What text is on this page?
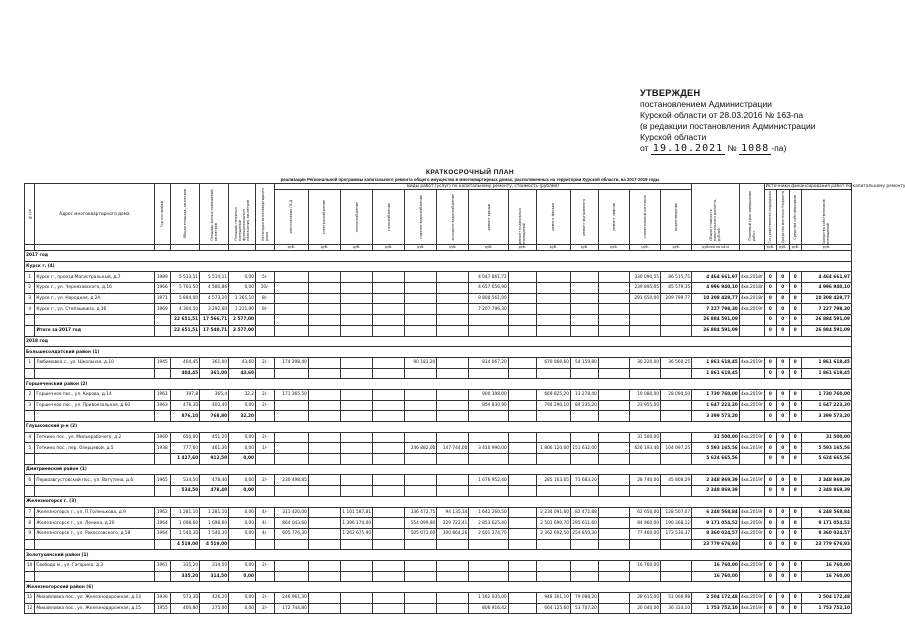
УТВЕРЖДЕН
постановлением Администрации
Курской области от 28.03.2016 № 163-па
(в редакции постановления Администрации
Курской области
от 19.10.2021 № 1088 -па)
КРАТКОСРОЧНЫЙ ПЛАН
реализации Региональной программы капитального ремонта общего имущества в многоквартирных домах, расположенных на территории Курской области, на 2017-2019 годы
№ п/п	Адрес многоквартирного дома	Год постройки	Общая площадь, кв.метров	Площадь жилых помещений, кв.метров	Площадь нежилых помещений функционального назначения, кв.метров	Категория многоквартирного дома	Виды работ (услуг) по капитальному ремонту, стоимость (рублей)													Общая стоимость капитального ремонта, рублей	Плановый срок завершения работ	Источники финансирования работ по капитальному ремонту			

							изготовление ПСД	электроснабжение	теплоснабжение	газоснабжение	горячее водоснабжение	холодное водоснабжение	ремонт крыши	ремонт подвальных помещений	ремонт фасада	ремонт фундамента	ремонт лифтов	строительный контроль	водоотведение			Государственная поддержка	Средства местного бюджета	Средства собственников	Средства собственников помещений

							руб.	руб.	руб.	руб.	руб.	руб.	руб.	руб.	руб.	руб.	руб.	руб.	руб.	рублей на кв.м		руб.	руб.	руб.	руб.
2017 год																									
Курск г. (4)																									
1	Курск г., проезд Магистральный, д.7	1989	5 513,51	5 514,11	0,00	5/-							4 047 861,72					330 090,55	86 515,75	4 464 661,97	4кв.2018г.	0	0	0	4 464 661,97
2	Курск г., ул. Черняховского, д.16	1966	5 703,50	4 580,86	0,00	10/-							4 657 656,90					239 895,05	85 579,35	4 996 940,10	4кв.2018г.	0	0	0	4 996 940,10
3	Курск г., ул. Народная, д.2А	1971	5 894,00	4 573,20	1 365,10	8/-							9 800 561,00					291 650,00	209 799,77	10 308 428,77	4кв.2018г.	0	0	0	10 308 428,77
4	Курск г., ул. Степашкина, д.16	1969	4 304,50	3 292,60	1 211,90	9/-							7 207 796,30							7 227 798,30	4кв.2019г.	0	0	0	7 227 798,30
			22 651,51	17 566,71	2 577,00															26 884 591,09		0	0	0	26 884 591,09
	Итого за 2017 год		22 651,51	17 540,71	2 577,00															26 884 591,09		0	0	0	26 884 591,09
2018 год																									
Большесолдатский район (1)																									
1	Любимовка с., ул. Школьная, д.10	1945	404,45	361,00	43,60	2/-	174 298,40				90 181,20		814 067,20		670 066,60	54 159,80		30 220,00	36 560,25	1 861 618,45	4кв.2019г.	0	0	0	1 861 618,45
			404,45	361,00	43,60															1 861 618,45		0	0	0	1 861 618,45
Горшеченский район (2)																									
2	Горшечное пос., ул. Кирова, д.14	1961	397,8	365,4	32,2	2/-	171 365,50						900 398,00		669 825,20	13 278,40		19 080,00	28 094,50	1 730 760,00	4кв.2019г.	0	0	0	1 730 760,00
3	Горшечное пос., ул. Привокзальная, д.60	1963	478,30	403,40	0,00	2/-							854 830,90		794 290,10	84 235,20		23 955,00		1 647 223,20	4кв.2019г.	0	0	0	1 647 223,20
			876,10	768,80	32,20															3 399 573,20		0	0	0	3 399 573,20
Глушковский р-н (2)																									
4	Теткино пос., ул. Мильерабочего, д.2	1960	650,00	451,20	0,00	2/-												31 500,00		31 500,00	4кв.2019г.	0	0	0	31 500,00
5	Теткино пос., пер. Озерцевой, д.5	1938	777,60	461,30	0,00	1/-					246 882,00	147 744,00	3 410 990,00		1 806 120,00	151 632,00		626 193,40	104 097,25	5 593 165,56	4кв.2019г.	0	0	0	5 593 165,56
			1 427,60	912,50	0,00															5 624 665,56		0	0	0	5 624 665,56
Дмитриевский район (1)																									
6	Первоавгустовский пос., ул. Ватутина, д.6	1965	534,50	478,40	0,00	2/-	230 498,85						1 676 952,40		285 163,65	71 683,20		28 740,00	45 808,29	2 348 869,39	4кв.2019г.	0	0	0	2 348 869,39
			534,50	478,40	0,00															2 348 869,39		0	0	0	2 348 869,39
Железногорск г. (3)																									
7	Железногорск г., ул. П.Голенькова, д.9	1962	1 281,10	1 281,10	0,00	4/-	311 420,00		1 101 587,81		136 472,75	94 135,34	1 642 260,50		2 234 091,60	82 472,88		62 650,00	128 507,07	6 248 568,84	4кв.2019г.	0	0	0	6 248 568,84
8	Железногорск г., ул. Ленина, д.20	1964	1 698,60	1 698,60	0,00	4/-	864 043,60		1 396 174,00		554 099,80	329 722,41	2 853 625,40		2 501 690,70	295 611,60		84 960,00	190 368,12	9 171 054,52	4кв.2019г.	0	0	0	9 171 054,52
9	Железногорск г., ул. Рокоссовского, д.58	1964	1 540,30	1 540,30	0,00	4/-	605 776,30		1 262 675,90		505 071,60	300 864,26	2 601 274,70		2 362 692,50	254 850,30		77 460,00	173 530,37	8 360 024,57	4кв.2019г.	0	0	0	8 360 024,57
			4 519,00	4 519,00																23 779 676,93		0	0	0	23 779 676,93
Золотухинский район (1)																									
10	Свобода м., ул. Гагарина, д.3	1961	335,20	314,50	0,00	2/-												16 760,00		16 760,00	4кв.2019г.	0	0	0	16 760,00
			335,20	314,50	0,00															16 760,00		0	0	0	16 760,00
Железногорский район (6)																									
11	Михайловка пос., ул. Железнодорожная, д.13	1936	573,30	426,20	0,00	2/-	246 961,30						1 162 035,00		948 301,10	79 088,20		28 615,00	51 066,98	2 504 172,48	4кв.2019г.	0	0	0	2 504 172,48
12	Михайловка пос., ул. Железнодорожная, д.15	1955	400,80	275,00	0,00	2/-	172 744,80						806 916,42		664 125,60	53 707,20		20 040,00	36 324,10	1 753 752,10	4кв.2019г.	0	0	0	1 753 752,10
